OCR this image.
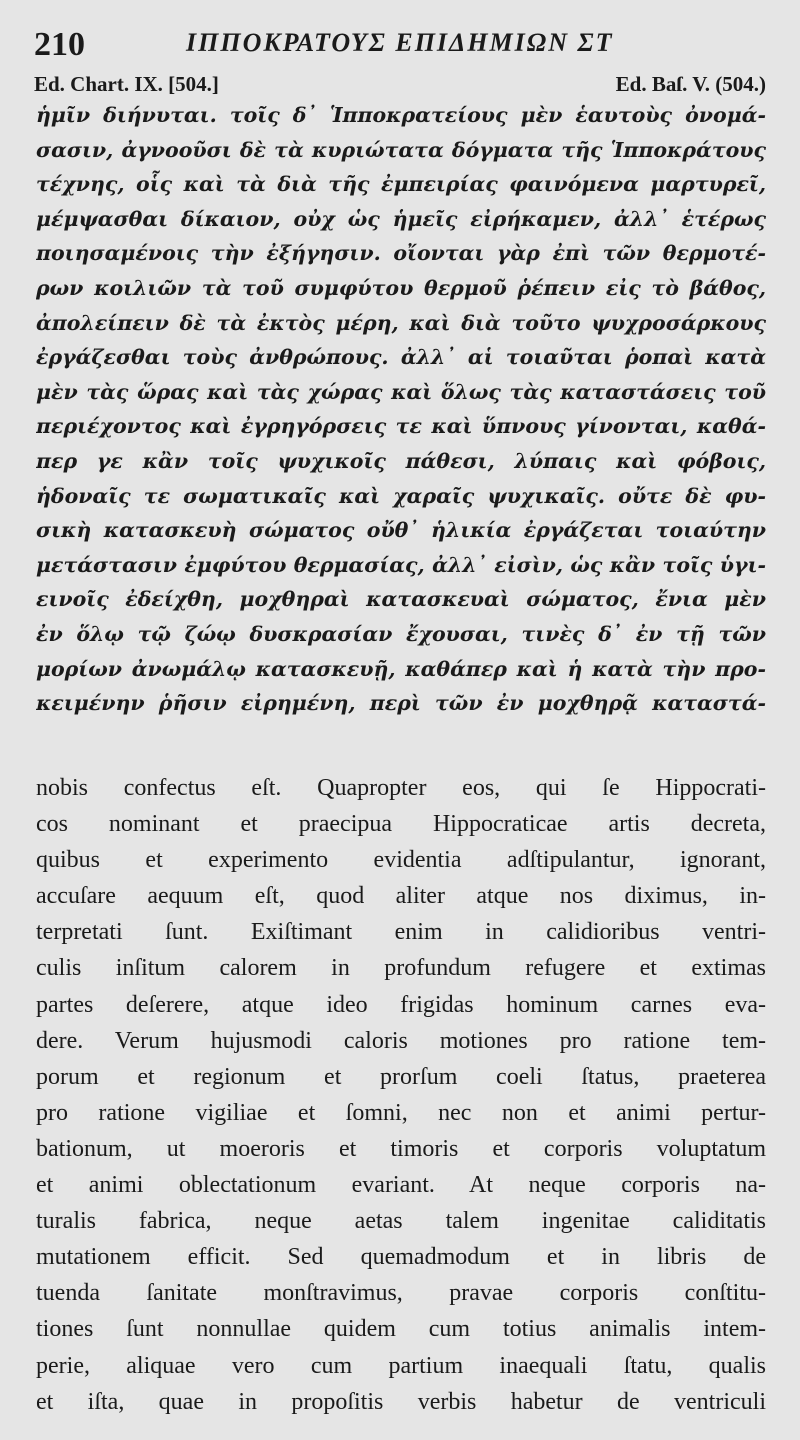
210	ΙΠΠΟΚΡΑΤΟΥΣ ΕΠΙΔΗΜΙΩΝ ΣΤ
Ed. Chart. IX. [504.]	Ed. Baſ. V. (504.)
ἡμῖν διήνυται. τοῖς δ᾽ Ἱπποκρατείους μὲν ἑαυτοὺς ὀνομά-
σασιν, ἀγνοοῦσι δὲ τὰ κυριώτατα δόγματα τῆς Ἱπποκράτους
τέχνης, οἷς καὶ τὰ διὰ τῆς ἐμπειρίας φαινόμενα μαρτυρεῖ,
μέμψασθαι δίκαιον, οὐχ ὡς ἡμεῖς εἰρήκαμεν, ἀλλ᾽ ἑτέρως
ποιησαμένοις τὴν ἐξήγησιν. οἴονται γὰρ ἐπὶ τῶν θερμοτέ-
ρων κοιλιῶν τὰ τοῦ συμφύτου θερμοῦ ῥέπειν εἰς τὸ βάθος,
ἀπολείπειν δὲ τὰ ἐκτὸς μέρη, καὶ διὰ τοῦτο ψυχροσάρκους
ἐργάζεσθαι τοὺς ἀνθρώπους. ἀλλ᾽ αἱ τοιαῦται ῥοπαὶ κατὰ
μὲν τὰς ὥρας καὶ τὰς χώρας καὶ ὅλως τὰς καταστάσεις τοῦ
περιέχοντος καὶ ἐγρηγόρσεις τε καὶ ὕπνους γίνονται, καθά-
περ γε κἂν τοῖς ψυχικοῖς πάθεσι, λύπαις καὶ φόβοις,
ἡδοναῖς τε σωματικαῖς καὶ χαραῖς ψυχικαῖς. οὔτε δὲ φυ-
σικὴ κατασκευὴ σώματος οὔθ᾽ ἡλικία ἐργάζεται τοιαύτην
μετάστασιν ἐμφύτου θερμασίας, ἀλλ᾽ εἰσὶν, ὡς κἂν τοῖς ὑγι-
εινοῖς ἐδείχθη, μοχθηραὶ κατασκευαὶ σώματος, ἔνια μὲν
ἐν ὅλῳ τῷ ζώῳ δυσκρασίαν ἔχουσαι, τινὲς δ᾽ ἐν τῇ τῶν
μορίων ἀνωμάλῳ κατασκευῇ, καθάπερ καὶ ἡ κατὰ τὴν προ-
κειμένην ῥῆσιν εἰρημένη, περὶ τῶν ἐν μοχθηρᾷ καταστά-
nobis confectus eſt. Quapropter eos, qui ſe Hippocrati-
cos nominant et praecipua Hippocraticae artis decreta,
quibus et experimento evidentia adſtipulantur, ignorant,
accuſare aequum eſt, quod aliter atque nos diximus, in-
terpretati ſunt. Exiſtimant enim in calidioribus ventri-
culis inſitum calorem in profundum refugere et extimas
partes deſerere, atque ideo frigidas hominum carnes eva-
dere. Verum hujusmodi caloris motiones pro ratione tem-
porum et regionum et prorſum coeli ſtatus, praeterea
pro ratione vigiliae et ſomni, nec non et animi pertur-
bationum, ut moeroris et timoris et corporis voluptatum
et animi oblectationum evariant. At neque corporis na-
turalis fabrica, neque aetas talem ingenitae caliditatis
mutationem efficit. Sed quemadmodum et in libris de
tuenda ſanitate monſtravimus, pravae corporis conſtitu-
tiones ſunt nonnullae quidem cum totius animalis intem-
perie, aliquae vero cum partium inaequali ſtatu, qualis
et iſta, quae in propoſitis verbis habetur de ventriculi
